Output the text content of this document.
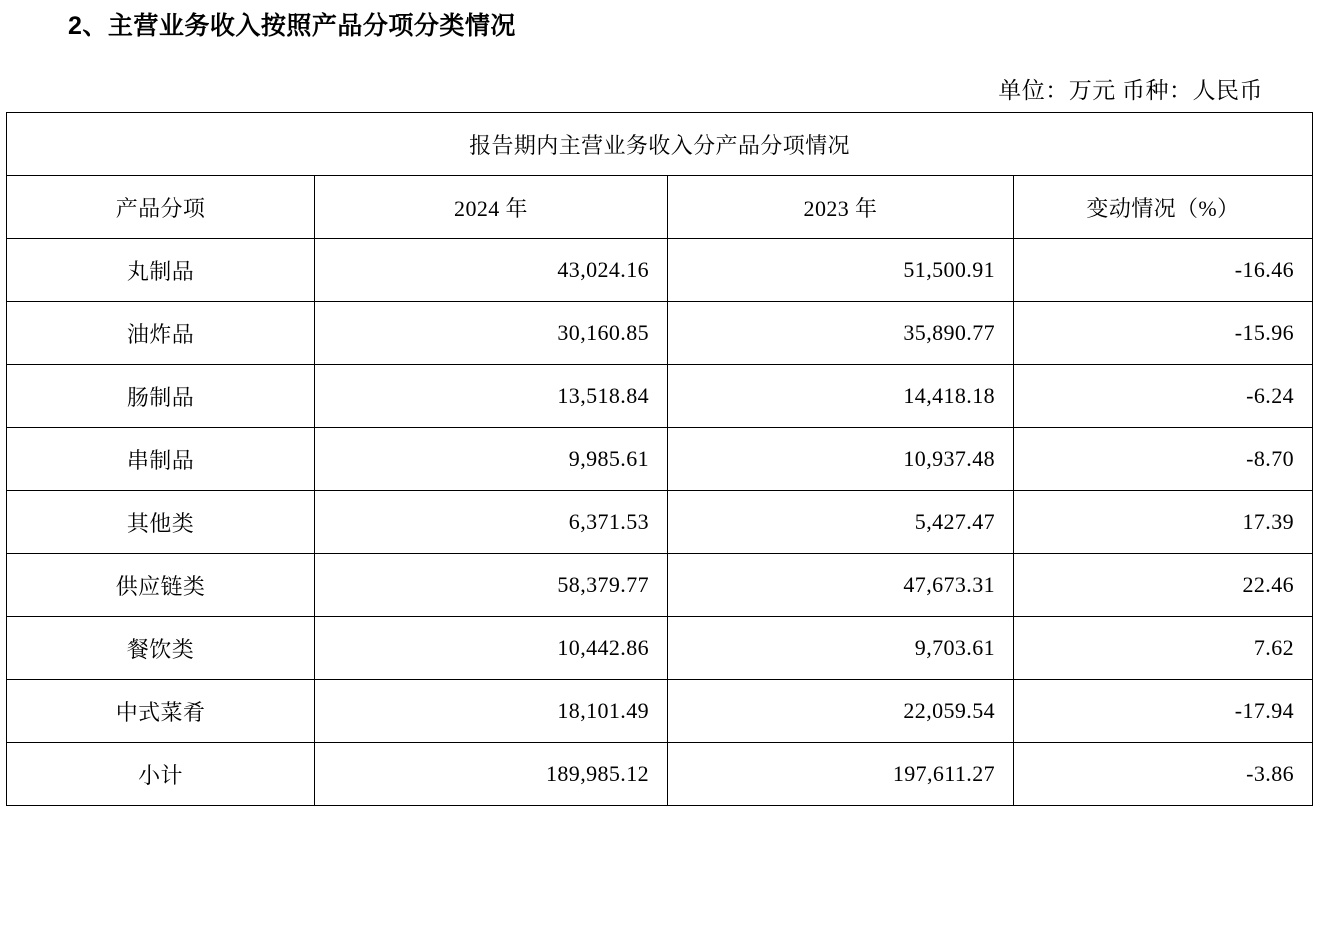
2、主营业务收入按照产品分项分类情况
单位：万元 币种：人民币
报告期内主营业务收入分产品分项情况			
产品分项	2024 年	2023 年	变动情况（%）
丸制品	43,024.16	51,500.91	-16.46
油炸品	30,160.85	35,890.77	-15.96
肠制品	13,518.84	14,418.18	-6.24
串制品	9,985.61	10,937.48	-8.70
其他类	6,371.53	5,427.47	17.39
供应链类	58,379.77	47,673.31	22.46
餐饮类	10,442.86	9,703.61	7.62
中式菜肴	18,101.49	22,059.54	-17.94
小计	189,985.12	197,611.27	-3.86
